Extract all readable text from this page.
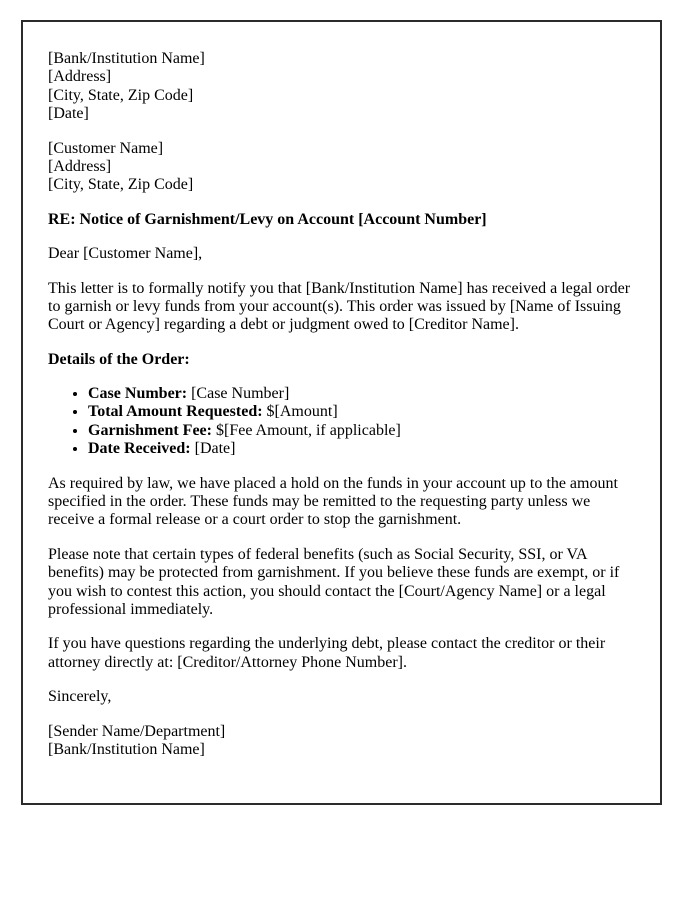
[Bank/Institution Name]
[Address]
[City, State, Zip Code]
[Date]

[Customer Name]
[Address]
[City, State, Zip Code]

RE: Notice of Garnishment/Levy on Account [Account Number]

Dear [Customer Name],

This letter is to formally notify you that [Bank/Institution Name] has received a legal order to garnish or levy funds from your account(s). This order was issued by [Name of Issuing Court or Agency] regarding a debt or judgment owed to [Creditor Name].

Details of the Order:

• Case Number: [Case Number]
• Total Amount Requested: $[Amount]
• Garnishment Fee: $[Fee Amount, if applicable]
• Date Received: [Date]

As required by law, we have placed a hold on the funds in your account up to the amount specified in the order. These funds may be remitted to the requesting party unless we receive a formal release or a court order to stop the garnishment.

Please note that certain types of federal benefits (such as Social Security, SSI, or VA benefits) may be protected from garnishment. If you believe these funds are exempt, or if you wish to contest this action, you should contact the [Court/Agency Name] or a legal professional immediately.

If you have questions regarding the underlying debt, please contact the creditor or their attorney directly at: [Creditor/Attorney Phone Number].

Sincerely,

[Sender Name/Department]
[Bank/Institution Name]
